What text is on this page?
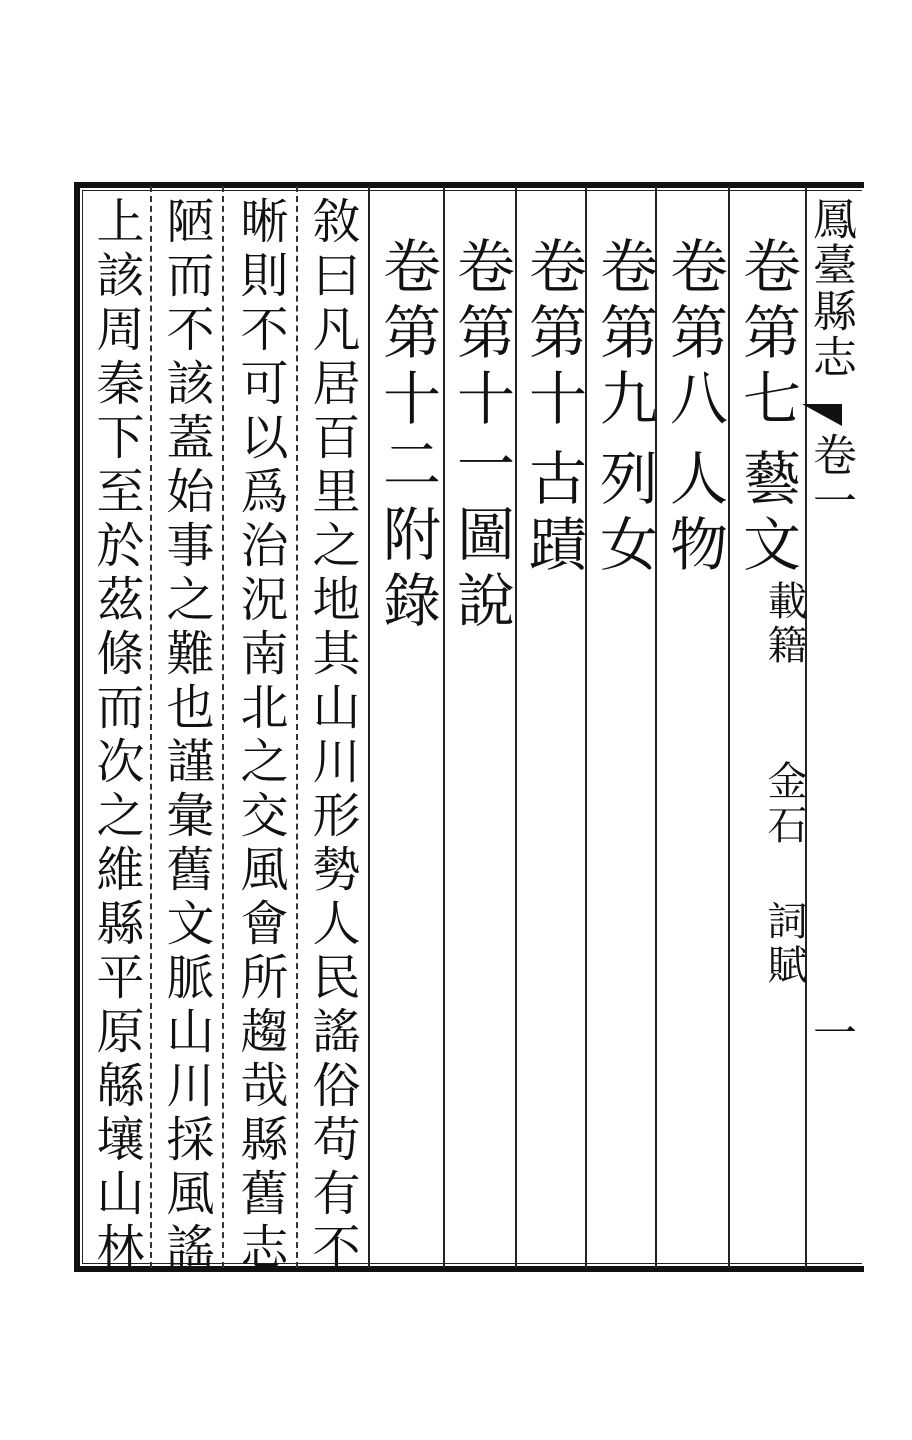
鳳臺縣志
卷一
一
卷第七
藝文
載籍
金石
詞賦
卷第八
人物
卷第九
列女
卷第十
古蹟
卷第十一
圖說
卷第十二
附錄
敘曰凡居百里之地其山川形勢人民謠俗苟有不
晰則不可以爲治況南北之交風會所趨哉縣舊志
陋而不該蓋始事之難也謹彙舊文脈山川採風謠
上該周秦下至於茲條而次之維縣平原緜壤山林
